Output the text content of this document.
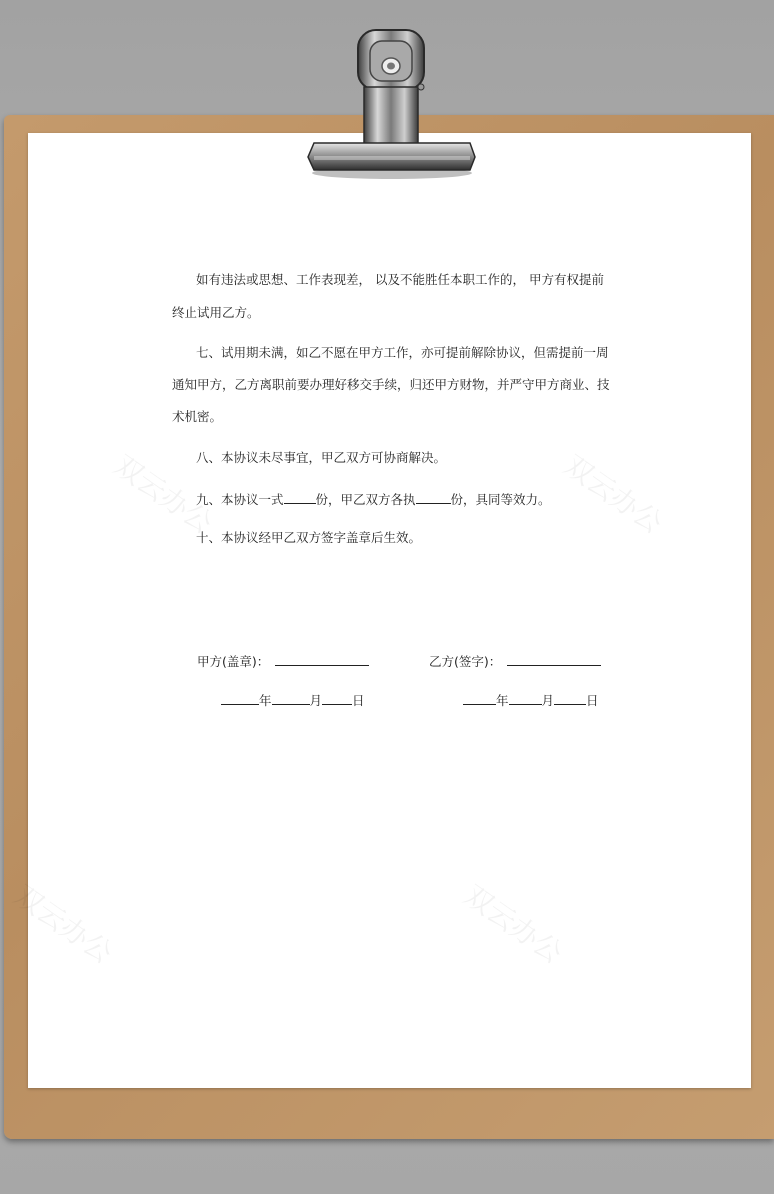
双云办公	双云办公
双云办公	双云办公
如有违法或思想、工作表现差， 以及不能胜任本职工作的， 甲方有权提前
终止试用乙方。
七、试用期未满，如乙不愿在甲方工作，亦可提前解除协议，但需提前一周
通知甲方，乙方离职前要办理好移交手续，归还甲方财物，并严守甲方商业、技
术机密。
八、本协议未尽事宜，甲乙双方可协商解决。
九、本协议一式	份，甲乙双方各执	份，具同等效力。
十、本协议经甲乙双方签字盖章后生效。
甲方(盖章)：	乙方(签字)：
年	月 日	年	月	日
